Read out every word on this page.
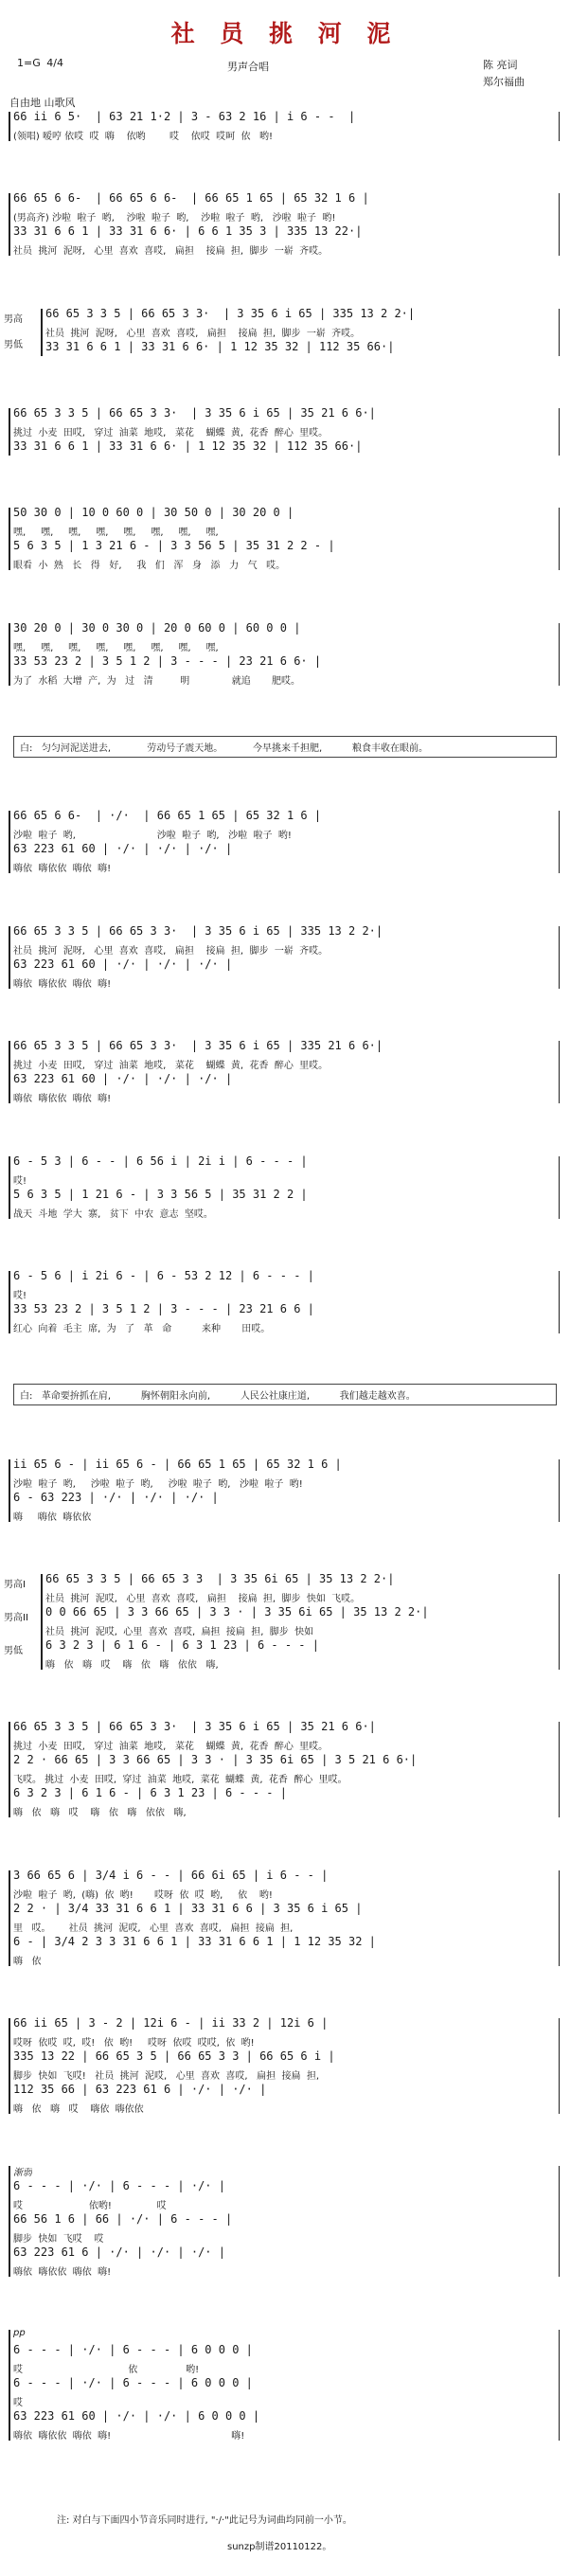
社 员 挑 河 泥
1=G 4/4	男声合唱	陈 亮词
郑尔福曲
自由地 山歌风
66 ii 6 5·  | 63 21 1·2 | 3 - 63 2 16 | i 6 - -  |
(领唱) 嗳哼 依哎  哎  嗨    依哟        哎    依哎  哎呵  依   哟!
66 65 6 6-  | 66 65 6 6-  | 66 65 1 65 | 65 32 1 6 |
(男高齐) 沙啦  啦子  哟,    沙啦  啦子  哟,    沙啦  啦子  哟,   沙啦  啦子  哟!
33 31 6 6 1 | 33 31 6 6· | 6 6 1 35 3 | 335 13 22·|
社员  挑河  泥呀,   心里  喜欢  喜哎,   扁担    接扁  担,  脚步  一崭  齐哎。
66 65 3 3 5 | 66 65 3 3·  | 3 35 6 i 65 | 335 13 2 2·|
社员  挑河  泥呀,   心里  喜欢  喜哎,   扁担    接扁  担,  脚步  一崭  齐哎。
33 31 6 6 1 | 33 31 6 6· | 1 12 35 32 | 112 35 66·|
男高
男低
66 65 3 3 5 | 66 65 3 3·  | 3 35 6 i 65 | 35 21 6 6·|
挑过  小麦  田哎,   穿过  油菜  地哎,   菜花    蝴蝶  黄,  花香  醉心  里哎。
33 31 6 6 1 | 33 31 6 6· | 1 12 35 32 | 112 35 66·|
50 30 0 | 10 0 60 0 | 30 50 0 | 30 20 0 |
嘿,     嘿,     嘿,     嘿,     嘿,     嘿,     嘿,     嘿,
5 6 3 5 | 1 3 21 6 - | 3 3 56 5 | 35 31 2 2 - |
眼看  小  熟   长   得   好,     我   们   浑   身   添   力   气   哎。
30 20 0 | 30 0 30 0 | 20 0 60 0 | 60 0 0 |
嘿,     嘿,     嘿,     嘿,     嘿,     嘿,     嘿,     嘿,
33 53 23 2 | 3 5 1 2 | 3 - - - | 23 21 6 6· |
为了  水稻  大增  产,  为   过   清         明              就追       肥哎。
白:   匀匀河泥送进去,            劳动号子震天地。          今早挑来千担肥,          粮食丰收在眼前。
66 65 6 6-  | ·/·  | 66 65 1 65 | 65 32 1 6 |
沙啦  啦子  哟,                           沙啦  啦子  哟,   沙啦  啦子  哟!
63 223 61 60 | ·/· | ·/· | ·/· |
嗨依  嗨依依  嗨依  嗨!
66 65 3 3 5 | 66 65 3 3·  | 3 35 6 i 65 | 335 13 2 2·|
社员  挑河  泥呀,   心里  喜欢  喜哎,   扁担    接扁  担,  脚步  一崭  齐哎。
63 223 61 60 | ·/· | ·/· | ·/· |
嗨依  嗨依依  嗨依  嗨!
66 65 3 3 5 | 66 65 3 3·  | 3 35 6 i 65 | 335 21 6 6·|
挑过  小麦  田哎,   穿过  油菜  地哎,   菜花    蝴蝶  黄,  花香  醉心  里哎。
63 223 61 60 | ·/· | ·/· | ·/· |
嗨依  嗨依依  嗨依  嗨!
6 - 5 3 | 6 - - | 6 56 i | 2i i | 6 - - - |
哎!
5 6 3 5 | 1 21 6 - | 3 3 56 5 | 35 31 2 2 |
战天  斗地  学大  寨,   贫下  中农  意志  坚哎。
6 - 5 6 | i 2i 6 - | 6 - 53 2 12 | 6 - - - |
哎!
33 53 23 2 | 3 5 1 2 | 3 - - - | 23 21 6 6 |
红心  向着  毛主  席,  为   了   革   命          来种       田哎。
白:   革命要拚抓在肩,          胸怀朝阳永向前,          人民公社康庄道,          我们越走越欢喜。
ii 65 6 - | ii 65 6 - | 66 65 1 65 | 65 32 1 6 |
沙啦  啦子  哟,     沙啦  啦子  哟,     沙啦  啦子  哟,   沙啦  啦子  哟!
6 - 63 223 | ·/· | ·/· | ·/· |
嗨     嗨依  嗨依依
66 65 3 3 5 | 66 65 3 3  | 3 35 6i 65 | 35 13 2 2·|
社员  挑河  泥哎,   心里  喜欢  喜哎,   扁担    接扁  担,  脚步  快如  飞哎。
0 0 66 65 | 3 3 66 65 | 3 3 · | 3 35 6i 65 | 35 13 2 2·|
社员  挑河  泥哎,  心里  喜欢  喜哎,  扁担  接扁  担,  脚步  快如
6 3 2 3 | 6 1 6 - | 6 3 1 23 | 6 - - - |
嗨   依   嗨   哎    嗨   依   嗨   依依   嗨,
男高I
男高II
男低
66 65 3 3 5 | 66 65 3 3·  | 3 35 6 i 65 | 35 21 6 6·|
挑过  小麦  田哎,   穿过  油菜  地哎,   菜花    蝴蝶  黄,  花香  醉心  里哎。
2 2 · 66 65 | 3 3 66 65 | 3 3 · | 3 35 6i 65 | 3 5 21 6 6·|
飞哎。 挑过  小麦  田哎,  穿过  油菜  地哎,  菜花  蝴蝶  黄,  花香  醉心  里哎。
6 3 2 3 | 6 1 6 - | 6 3 1 23 | 6 - - - |
嗨   依   嗨   哎    嗨   依   嗨   依依   嗨,
3 66 65 6 | 3/4 i 6 - - | 66 6i 65 | i 6 - - |
沙啦  啦子  哟,  (嗨)  依  哟!       哎呀  依  哎  哟,     依    哟!
2 2 · | 3/4 33 31 6 6 1 | 33 31 6 6 | 3 35 6 i 65 |
里   哎。      社员  挑河  泥哎,   心里  喜欢  喜哎,   扁担  接扁  担,
6 - | 3/4 2 3 3 31 6 6 1 | 33 31 6 6 1 | 1 12 35 32 |
嗨   依
66 ii 65 | 3 - 2 | 12i 6 - | ii 33 2 | 12i 6 |
哎呀  依哎  哎,  哎!   依  哟!     哎呀  依哎  哎哎,  依  哟!
335 13 22 | 66 65 3 5 | 66 65 3 3 | 66 65 6 i |
脚步  快如  飞哎!   社员  挑河  泥哎,   心里  喜欢  喜哎,   扁担  接扁  担,
112 35 66 | 63 223 61 6 | ·/· | ·/· |
嗨   依   嗨   哎    嗨依  嗨依依
渐弱
6 - - - | ·/· | 6 - - - | ·/· |
哎                      依哟!               哎
66 56 1 6 | 66 | ·/· | 6 - - - |
脚步  快如  飞哎    哎
63 223 61 6 | ·/· | ·/· | ·/· |
嗨依  嗨依依  嗨依  嗨!
pp
6 - - - | ·/· | 6 - - - | 6 0 0 0 |
哎                                   依                哟!
6 - - - | ·/· | 6 - - - | 6 0 0 0 |
哎
63 223 61 60 | ·/· | ·/· | 6 0 0 0 |
嗨依  嗨依依  嗨依  嗨!                                        嗨!
注: 对白与下面四小节音乐同时进行, "·/·"此记号为词曲均同前一小节。
sunzp制谱20110122。
